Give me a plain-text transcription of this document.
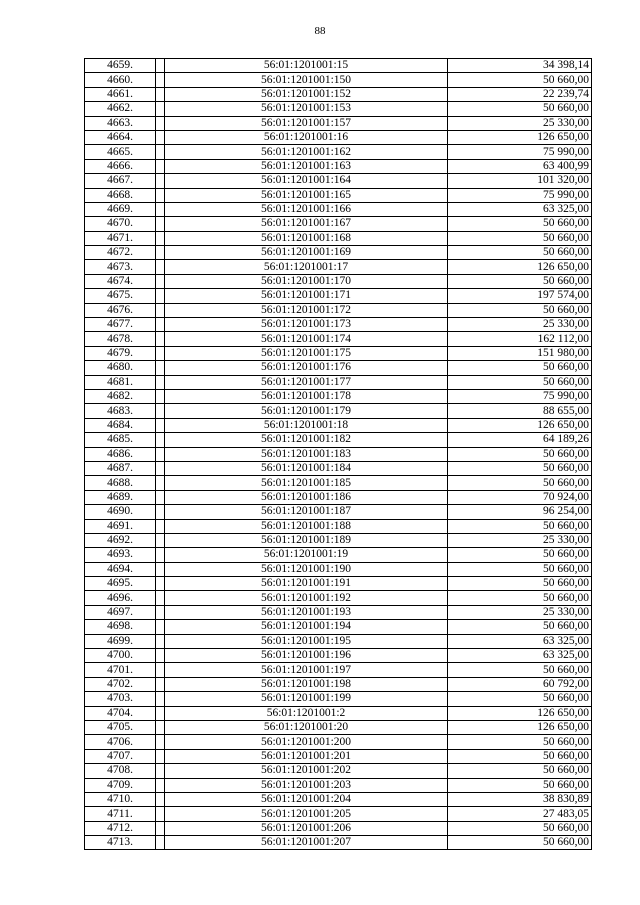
88
4659.		56:01:1201001:15	34 398,14
4660.		56:01:1201001:150	50 660,00
4661.		56:01:1201001:152	22 239,74
4662.		56:01:1201001:153	50 660,00
4663.		56:01:1201001:157	25 330,00
4664.		56:01:1201001:16	126 650,00
4665.		56:01:1201001:162	75 990,00
4666.		56:01:1201001:163	63 400,99
4667.		56:01:1201001:164	101 320,00
4668.		56:01:1201001:165	75 990,00
4669.		56:01:1201001:166	63 325,00
4670.		56:01:1201001:167	50 660,00
4671.		56:01:1201001:168	50 660,00
4672.		56:01:1201001:169	50 660,00
4673.		56:01:1201001:17	126 650,00
4674.		56:01:1201001:170	50 660,00
4675.		56:01:1201001:171	197 574,00
4676.		56:01:1201001:172	50 660,00
4677.		56:01:1201001:173	25 330,00
4678.		56:01:1201001:174	162 112,00
4679.		56:01:1201001:175	151 980,00
4680.		56:01:1201001:176	50 660,00
4681.		56:01:1201001:177	50 660,00
4682.		56:01:1201001:178	75 990,00
4683.		56:01:1201001:179	88 655,00
4684.		56:01:1201001:18	126 650,00
4685.		56:01:1201001:182	64 189,26
4686.		56:01:1201001:183	50 660,00
4687.		56:01:1201001:184	50 660,00
4688.		56:01:1201001:185	50 660,00
4689.		56:01:1201001:186	70 924,00
4690.		56:01:1201001:187	96 254,00
4691.		56:01:1201001:188	50 660,00
4692.		56:01:1201001:189	25 330,00
4693.		56:01:1201001:19	50 660,00
4694.		56:01:1201001:190	50 660,00
4695.		56:01:1201001:191	50 660,00
4696.		56:01:1201001:192	50 660,00
4697.		56:01:1201001:193	25 330,00
4698.		56:01:1201001:194	50 660,00
4699.		56:01:1201001:195	63 325,00
4700.		56:01:1201001:196	63 325,00
4701.		56:01:1201001:197	50 660,00
4702.		56:01:1201001:198	60 792,00
4703.		56:01:1201001:199	50 660,00
4704.		56:01:1201001:2	126 650,00
4705.		56:01:1201001:20	126 650,00
4706.		56:01:1201001:200	50 660,00
4707.		56:01:1201001:201	50 660,00
4708.		56:01:1201001:202	50 660,00
4709.		56:01:1201001:203	50 660,00
4710.		56:01:1201001:204	38 830,89
4711.		56:01:1201001:205	27 483,05
4712.		56:01:1201001:206	50 660,00
4713.		56:01:1201001:207	50 660,00
